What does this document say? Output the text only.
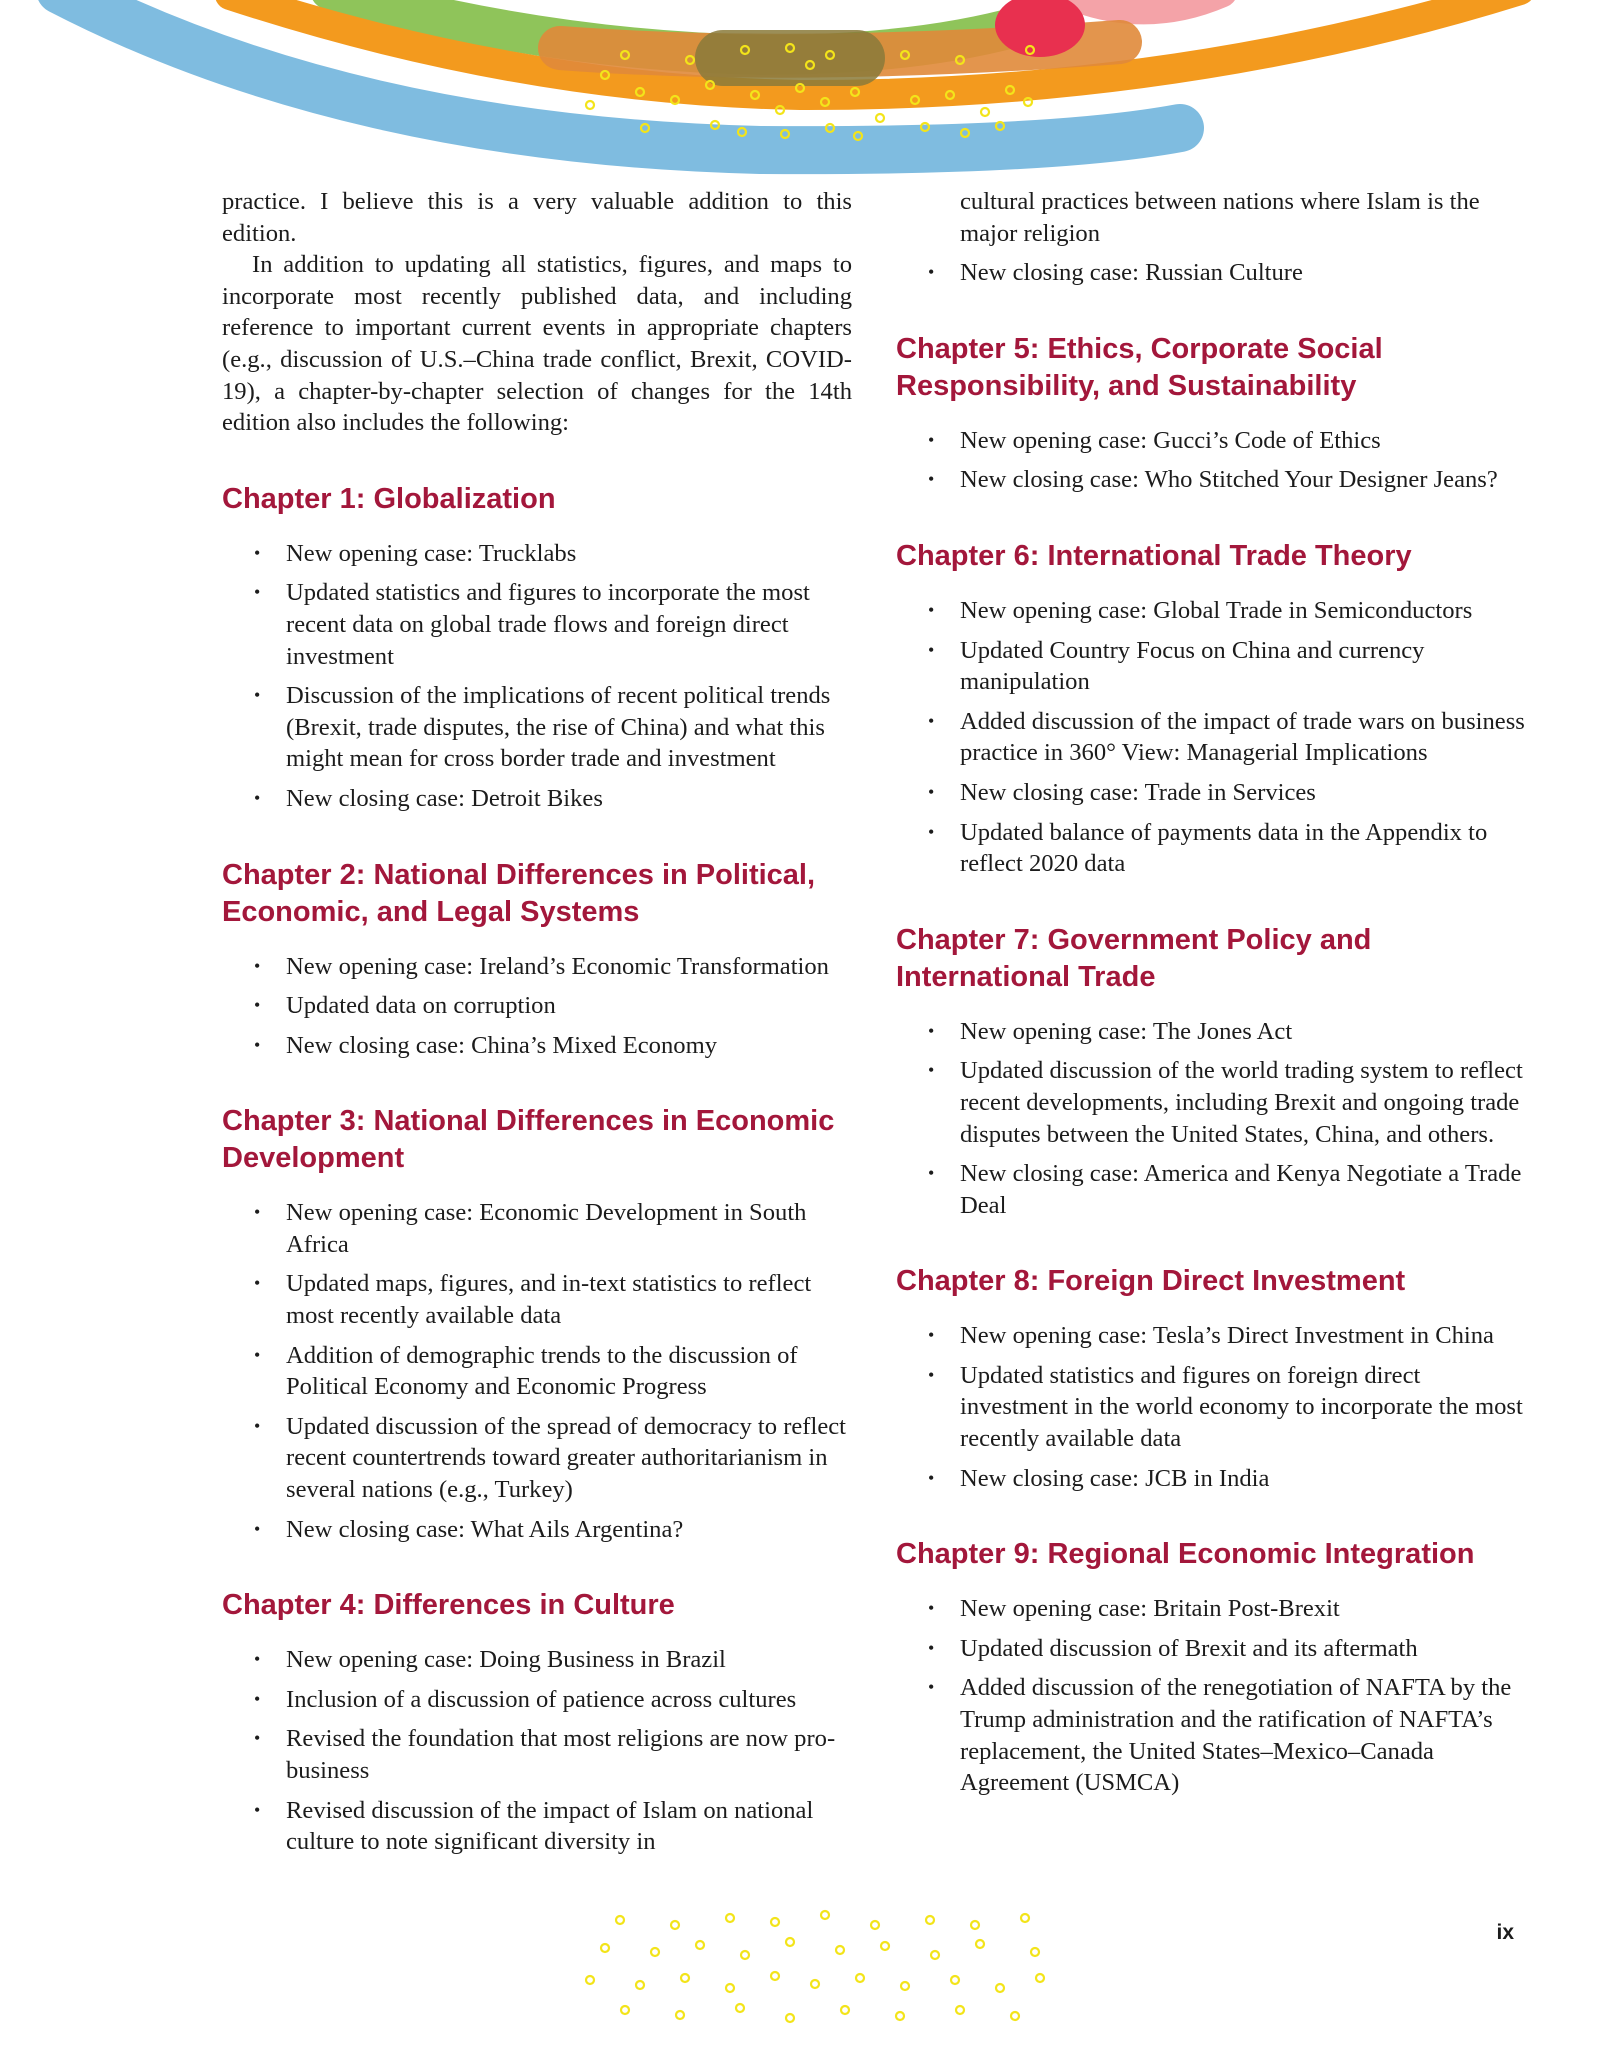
practice. I believe this is a very valuable addition to this edition.

In addition to updating all statistics, figures, and maps to incorporate most recently published data, and including reference to important current events in appropriate chapters (e.g., discussion of U.S.–China trade conflict, Brexit, COVID-19), a chapter-by-chapter selection of changes for the 14th edition also includes the following:

Chapter 1: Globalization
• New opening case: Trucklabs
• Updated statistics and figures to incorporate the most recent data on global trade flows and foreign direct investment
• Discussion of the implications of recent political trends (Brexit, trade disputes, the rise of China) and what this might mean for cross border trade and investment
• New closing case: Detroit Bikes
Chapter 2: National Differences in Political, Economic, and Legal Systems
• New opening case: Ireland’s Economic Transformation
• Updated data on corruption
• New closing case: China’s Mixed Economy
Chapter 3: National Differences in Economic Development
• New opening case: Economic Development in South Africa
• Updated maps, figures, and in-text statistics to reflect most recently available data
• Addition of demographic trends to the discussion of Political Economy and Economic Progress
• Updated discussion of the spread of democracy to reflect recent countertrends toward greater authoritarianism in several nations (e.g., Turkey)
• New closing case: What Ails Argentina?
Chapter 4: Differences in Culture
• New opening case: Doing Business in Brazil
• Inclusion of a discussion of patience across cultures
• Revised the foundation that most religions are now pro-business
• Revised discussion of the impact of Islam on national culture to note significant diversity in

cultural practices between nations where Islam is the major religion

• New closing case: Russian Culture
Chapter 5: Ethics, Corporate Social Responsibility, and Sustainability
• New opening case: Gucci’s Code of Ethics
• New closing case: Who Stitched Your Designer Jeans?
Chapter 6: International Trade Theory
• New opening case: Global Trade in Semiconductors
• Updated Country Focus on China and currency manipulation
• Added discussion of the impact of trade wars on business practice in 360° View: Managerial Implications
• New closing case: Trade in Services
• Updated balance of payments data in the Appendix to reflect 2020 data
Chapter 7: Government Policy and International Trade
• New opening case: The Jones Act
• Updated discussion of the world trading system to reflect recent developments, including Brexit and ongoing trade disputes between the United States, China, and others.
• New closing case: America and Kenya Negotiate a Trade Deal
Chapter 8: Foreign Direct Investment
• New opening case: Tesla’s Direct Investment in China
• Updated statistics and figures on foreign direct investment in the world economy to incorporate the most recently available data
• New closing case: JCB in India
Chapter 9: Regional Economic Integration
• New opening case: Britain Post-Brexit
• Updated discussion of Brexit and its aftermath
• Added discussion of the renegotiation of NAFTA by the Trump administration and the ratification of NAFTA’s replacement, the United States–Mexico–Canada Agreement (USMCA)
ix
